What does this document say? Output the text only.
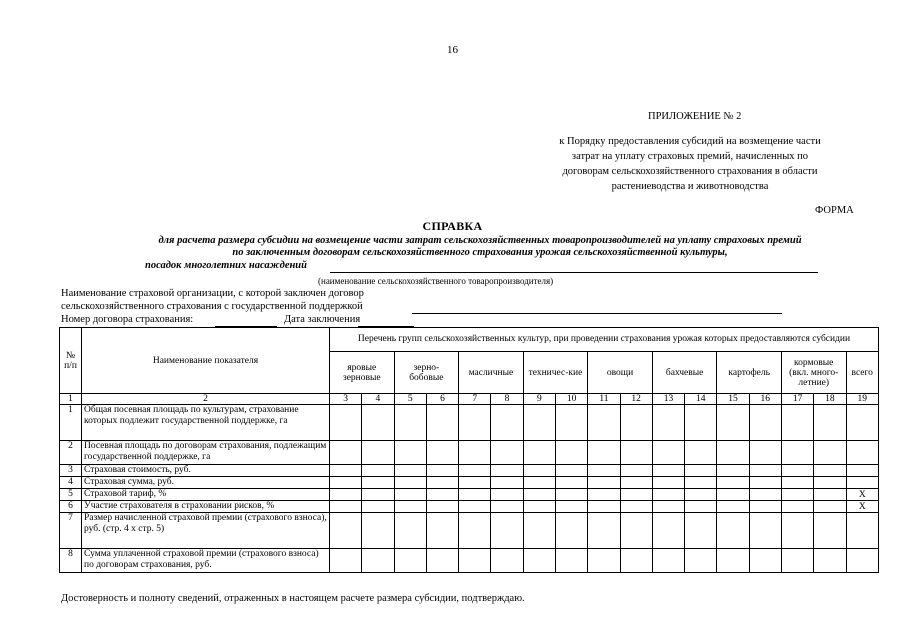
16
ПРИЛОЖЕНИЕ № 2
к Порядку предоставления субсидий на возмещение части
затрат на уплату страховых премий, начисленных по
договорам сельскохозяйственного страхования в области
растениеводства и животноводства
ФОРМА
СПРАВКА
для расчета размера субсидии на возмещение части затрат сельскохозяйственных товаропроизводителей на уплату страховых премий
по заключенным договорам сельскохозяйственного страхования урожая сельскохозяйственной культуры,
посадок многолетних насаждений
(наименование сельскохозяйственного товаропроизводителя)
Наименование страховой организации, с которой заключен договор
сельскохозяйственного страхования с государственной поддержкой
Номер договора страхования:	Дата заключения
№ п/п	Наименование показателя	Перечень групп сельскохозяйственных культур, при проведении страхования урожая которых предоставляются субсидии																
		яровые зерновые		зерно-бобовые		масличные		техничес-кие		овощи		бахчевые		картофель		кормовые (вкл. много-летние)		всего
1	2	3	4	5	6	7	8	9	10	11	12	13	14	15	16	17	18	19
1	Общая посевная площадь по культурам, страхование которых подлежит государственной поддержке, га																	
2	Посевная площадь по договорам страхования, подлежащим государственной поддержке, га																	
3	Страховая стоимость, руб.																	
4	Страховая сумма, руб.																	
5	Страховой тариф, %																	Х
6	Участие страхователя в страховании рисков, %																	Х
7	Размер начисленной страховой премии (страхового взноса), руб. (стр. 4 х стр. 5)																	
8	Сумма уплаченной страховой премии (страхового взноса) по договорам страхования, руб.																	
Достоверность и полноту сведений, отраженных в настоящем расчете размера субсидии, подтверждаю.
